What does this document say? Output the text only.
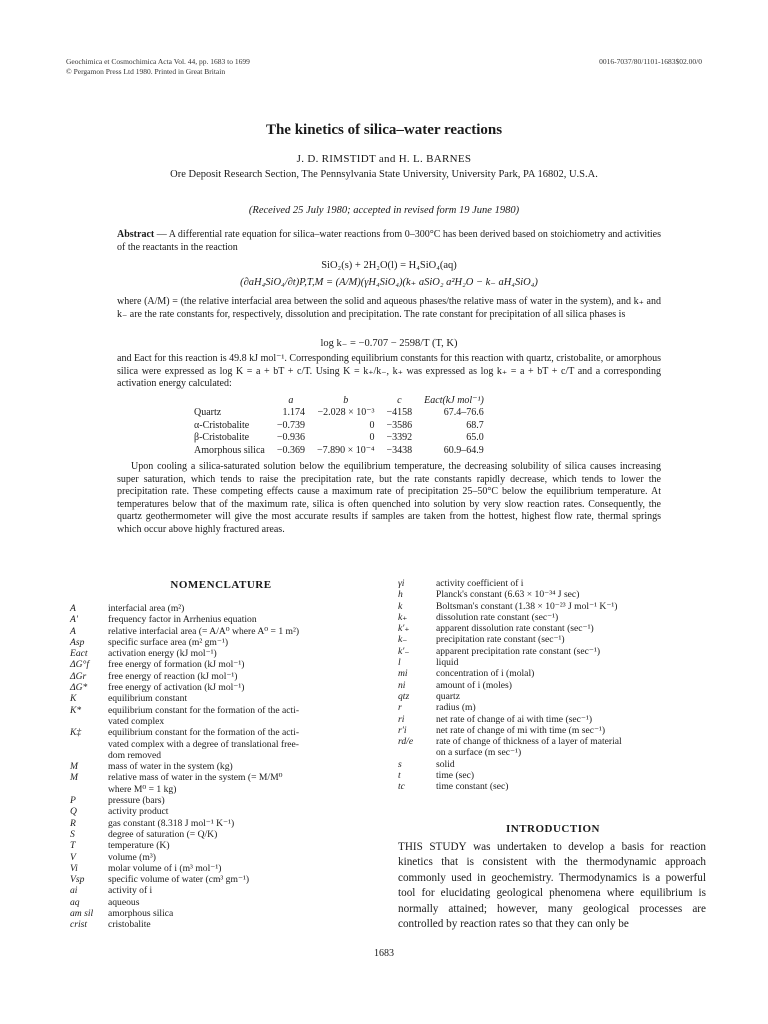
Geochimica et Cosmochimica Acta Vol. 44, pp. 1683 to 1699
© Pergamon Press Ltd 1980. Printed in Great Britain
0016-7037/80/1101-1683$02.00/0
The kinetics of silica–water reactions
J. D. RIMSTIDT and H. L. BARNES
Ore Deposit Research Section, The Pennsylvania State University, University Park, PA 16802, U.S.A.
(Received 25 July 1980; accepted in revised form 19 June 1980)
Abstract — A differential rate equation for silica–water reactions from 0–300°C has been derived based on stoichiometry and activities of the reactants in the reaction
SiO₂(s) + 2H₂O(l) = H₄SiO₄(aq)
(∂aH₄SiO₄/∂t)P,T,M = (A/M)(γH₄SiO₄)(k₊ aSiO₂ a²H₂O − k₋ aH₄SiO₄)
where (A/M) = (the relative interfacial area between the solid and aqueous phases/the relative mass of water in the system), and k₊ and k₋ are the rate constants for, respectively, dissolution and precipitation. The rate constant for precipitation of all silica phases is
log k₋ = −0.707 − 2598/T (T, K)
and Eact for this reaction is 49.8 kJ mol⁻¹. Corresponding equilibrium constants for this reaction with quartz, cristobalite, or amorphous silica were expressed as log K = a + bT + c/T. Using K = k₊/k₋, k₊ was expressed as log k₊ = a + bT + c/T and a corresponding activation energy calculated:
	a	b	c	Eact(kJ mol⁻¹)
Quartz	1.174	−2.028 × 10⁻³	−4158	67.4–76.6
α-Cristobalite	−0.739	0	−3586	68.7
β-Cristobalite	−0.936	0	−3392	65.0
Amorphous silica	−0.369	−7.890 × 10⁻⁴	−3438	60.9–64.9
Upon cooling a silica-saturated solution below the equilibrium temperature, the decreasing solubility of silica causes increasing super saturation, which tends to raise the precipitation rate, but the rate constants rapidly decrease, which tends to lower the precipitation rate. These competing effects cause a maximum rate of precipitation 25–50°C below the equilibrium temperature. At temperatures below that of the maximum rate, silica is often quenched into solution by very slow reaction rates. Consequently, the quartz geothermometer will give the most accurate results if samples are taken from the hottest, highest flow rate, thermal springs which occur above highly fractured areas.
NOMENCLATURE
A	interfacial area (m²)
A′	frequency factor in Arrhenius equation
A	relative interfacial area (= A/A⁰ where A⁰ = 1 m²)
Asp	specific surface area (m² gm⁻¹)
Eact	activation energy (kJ mol⁻¹)
ΔG°f	free energy of formation (kJ mol⁻¹)
ΔGr	free energy of reaction (kJ mol⁻¹)
ΔG*	free energy of activation (kJ mol⁻¹)
K	equilibrium constant
K*	equilibrium constant for the formation of the acti-
vated complex
K‡	equilibrium constant for the formation of the acti-
vated complex with a degree of translational free-
dom removed
M	mass of water in the system (kg)
M	relative mass of water in the system (= M/M⁰
where M⁰ = 1 kg)
P	pressure (bars)
Q	activity product
R	gas constant (8.318 J mol⁻¹ K⁻¹)
S	degree of saturation (= Q/K)
T	temperature (K)
V	volume (m³)
Vi	molar volume of i (m³ mol⁻¹)
Vsp	specific volume of water (cm³ gm⁻¹)
ai	activity of i
aq	aqueous
am sil	amorphous silica
crist	cristobalite
γi	activity coefficient of i
h	Planck's constant (6.63 × 10⁻³⁴ J sec)
k	Boltsman's constant (1.38 × 10⁻²³ J mol⁻¹ K⁻¹)
k₊	dissolution rate constant (sec⁻¹)
k′₊	apparent dissolution rate constant (sec⁻¹)
k₋	precipitation rate constant (sec⁻¹)
k′₋	apparent precipitation rate constant (sec⁻¹)
l	liquid
mi	concentration of i (molal)
ni	amount of i (moles)
qtz	quartz
r	radius (m)
ri	net rate of change of ai with time (sec⁻¹)
r′i	net rate of change of mi with time (m sec⁻¹)
rd/e	rate of change of thickness of a layer of material
on a surface (m sec⁻¹)
s	solid
t	time (sec)
tc	time constant (sec)
INTRODUCTION
THIS STUDY was undertaken to develop a basis for reaction kinetics that is consistent with the thermodynamic approach commonly used in geochemistry. Thermodynamics is a powerful tool for elucidating geological phenomena where equilibrium is normally attained; however, many geological processes are controlled by reaction rates so that they can only be
1683
